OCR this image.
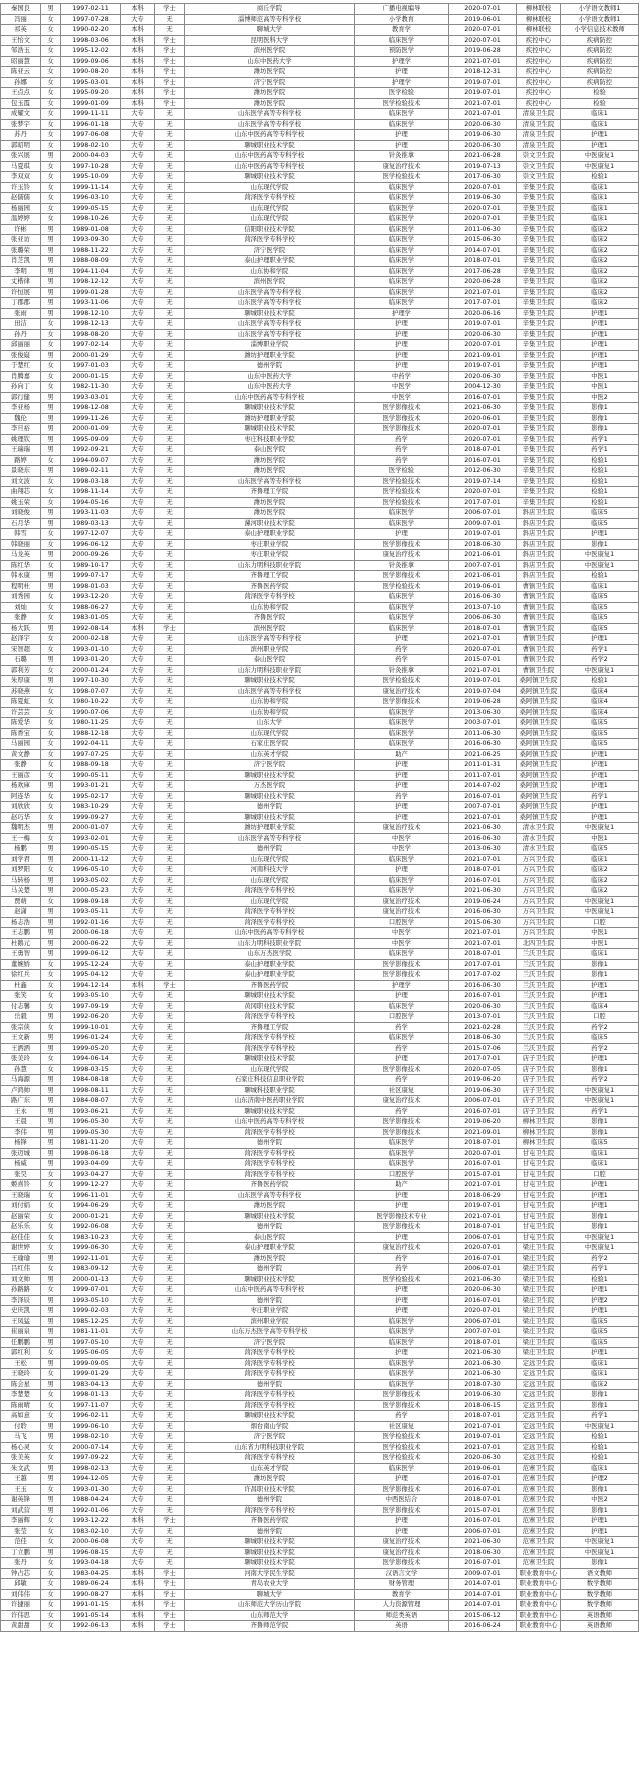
秦国良	男	1997-02-11	本科	学士	商丘学院	广播电视编导	2020-07-01	柳林联校	小学语文教师1
冯丽	女	1997-07-28	大专	无	淄博师范高等专科学校	小学教育	2019-06-01	柳林联校	小学语文教师1
祁英	女	1990-02-20	本科	无	聊城大学	教育学	2020-07-01	柳林联校	小学信息技术教师
王怡文	女	1998-03-06	本科	学士	昆明医科大学	临床医学	2020-07-01	疾控中心	疾病防控
邹浩玉	女	1995-12-02	本科	学士	滨州医学院	预防医学	2019-06-28	疾控中心	疾病防控
昭丽慧	女	1999-09-06	本科	学士	山东中医药大学	护理学	2021-07-01	疾控中心	疾病防控
陈亚云	女	1990-08-20	本科	学士	潍坊医学院	护理	2018-12-31	疾控中心	疾病防控
孙娜	女	1995-03-01	本科	学士	济宁医学院	护理学	2019-07-01	疾控中心	疾病防控
王点点	女	1995-09-20	本科	学士	潍坊医学院	医学检验	2019-07-01	疾控中心	检验
包玉霞	女	1999-01-09	本科	学士	潍坊医学院	医学检验技术	2021-07-01	疾控中心	检验
成耀文	女	1999-11-11	大专	无	山东医学高等专科学校	临床医学	2021-07-01	清泉卫生院	临床1
张梦宇	女	1996-01-18	大专	无	山东医学高等专科学校	临床医学	2020-06-30	清泉卫生院	临床1
苏丹	女	1997-06-08	大专	无	山东中医药高等专科学校	护理	2019-06-30	清泉卫生院	护理1
郭昭明	女	1998-02-10	大专	无	聊城职业技术学院	护理	2020-06-30	清泉卫生院	护理1
张兴展	男	2000-04-03	大专	无	山东中医药高等专科学校	针灸推拿	2021-06-28	崇文卫生院	中医康复1
马夏琪	女	1997-10-28	大专	无	山东中医药高等专科学校	康复治疗技术	2019-07-13	崇文卫生院	中医康复1
李双双	女	1995-10-09	大专	无	聊城职业技术学院	医学检验技术	2017-06-30	崇文卫生院	检验1
许玉铃	女	1999-11-14	大专	无	山东现代学院	临床医学	2020-07-01	辛集卫生院	临床1
赵儒儒	女	1996-03-10	大专	无	菏泽医学专科学校	临床医学	2019-06-30	辛集卫生院	临床1
杨丽园	女	1999-05-15	大专	无	山东现代学院	临床医学	2020-07-01	辛集卫生院	临床1
温婷婷	女	1998-10-26	大专	无	山东现代学院	临床医学	2020-07-01	辛集卫生院	临床1
许彬	男	1989-01-08	大专	无	信阳职业技术学院	临床医学	2011-06-30	辛集卫生院	临床2
张亚访	男	1993-09-30	大专	无	菏泽医学专科学校	临床医学	2015-06-30	辛集卫生院	临床2
张璐荣	男	1988-11-22	大专	无	济宁医学院	临床医学	2014-07-01	辛集卫生院	临床2
肖芝凯	男	1988-08-09	大专	无	泰山护理职业学院	临床医学	2018-07-01	辛集卫生院	临床2
李明	男	1994-11-04	大专	无	山东协和学院	临床医学	2017-06-28	辛集卫生院	临床2
丈楷律	男	1998-12-12	大专	无	滨州医学院	临床医学	2020-06-28	辛集卫生院	临床2
许恒展	男	1999-01-28	大专	无	山东医学高等专科学校	临床医学	2021-07-01	辛集卫生院	临床2
丁郡郡	男	1993-11-06	大专	无	山东医学高等专科学校	临床医学	2017-07-01	辛集卫生院	临床2
张雨	男	1998-12-10	大专	无	聊城职业技术学院	护理学	2020-06-16	辛集卫生院	护理1
田洁	女	1998-12-13	大专	无	山东医学高等专科学校	护理	2019-07-01	辛集卫生院	护理1
孙丹	女	1998-08-20	大专	无	山东医学高等专科学校	护理	2020-06-30	辛集卫生院	护理1
邱丽丽	女	1997-02-14	大专	无	淄博职业学院	护理	2020-07-01	辛集卫生院	护理1
张俊嶷	男	2000-01-29	大专	无	潍坊护理职业学院	护理	2021-09-01	辛集卫生院	护理1
于楚红	女	1997-01-03	大专	无	德州学院	护理	2019-07-01	辛集卫生院	护理1
肖腾嘉	女	2000-01-15	大专	无	山东中医药大学	中药学	2020-06-30	辛集卫生院	中医1
孙向丁	女	1982-11-30	大专	无	山东中医药大学	中医学	2004-12-30	辛集卫生院	中医1
郭行健	男	1993-03-01	大专	无	山东中医药高等专科学校	中医学	2016-07-01	辛集卫生院	中医2
李亚杨	男	1998-12-08	大专	无	聊城职业技术学院	医学影像技术	2021-06-30	辛集卫生院	影像1
魏伦	男	1999-11-26	大专	无	潍坊护理职业学院	医学影像技术	2020-06-01	辛集卫生院	影像1
李旦裕	男	2000-01-09	大专	无	聊城职业技术学院	医学影像技术	2020-07-01	辛集卫生院	影像1
姚理钦	男	1995-09-09	大专	无	枣庄科技职业学院	药学	2020-07-01	辛集卫生院	药学1
王瑞瑞	男	1992-09-21	大专	无	泰山医学院	药学	2018-07-01	辛集卫生院	药学1
路婷	女	1994-09-07	大专	无	潍坊医学院	药学	2016-07-01	辛集卫生院	检验1
景晓东	男	1989-02-11	大专	无	潍坊医学院	医学检验	2012-06-30	辛集卫生院	检验1
刘文波	女	1998-03-18	大专	无	山东医学高等专科学校	医学检验技术	2019-07-14	辛集卫生院	检验1
曲翔芯	女	1998-11-14	大专	无	齐鲁理工学院	医学检验技术	2020-07-01	辛集卫生院	检验1
姚玉荣	女	1994-05-16	大专	无	潍坊医学院	医学检验技术	2017-07-01	辛集卫生院	检验1
刘晓俊	男	1993-11-03	大专	无	潍坊医学院	临床医学	2006-07-01	斜店卫生院	临床5
石月华	男	1989-03-13	大专	无	漯河职业技术学院	临床医学	2009-07-01	斜店卫生院	临床5
韩雪	女	1997-12-07	大专	无	泰山护理职业学院	护理	2019-07-01	斜店卫生院	护理1
韩晓丽	女	1996-06-12	大专	无	枣庄职业学院	医学影像技术	2018-06-30	斜店卫生院	影像1
马龙英	男	2000-09-26	大专	无	枣庄职业学院	康复治疗技术	2021-06-01	斜店卫生院	中医康复1
陈红华	女	1989-10-17	大专	无	山东力明科技职业学院	针灸推拿	2007-07-01	斜店卫生院	中医康复1
韩永康	男	1999-07-17	大专	无	齐鲁理工学院	医学影像技术	2021-06-01	斜店卫生院	检验1
程明杜	男	1998-01-03	大专	无	齐鲁医药学院	医学检验技术	2019-06-01	曹镇卫生院	临床1
刘秀园	女	1993-12-20	大专	无	菏泽医学专科学校	临床医学	2016-06-30	曹镇卫生院	临床5
刘灿	女	1988-06-27	大专	无	山东协和学院	临床医学	2013-07-10	曹镇卫生院	临床5
张静	女	1983-01-05	大专	无	齐鲁医学院	临床医学	2006-06-30	曹镇卫生院	临床5
杨大跃	男	1992-08-14	本科	学士	滨州医学院	临床医学	2018-07-01	曹镇卫生院	临床5
赵泽宇	女	2000-02-18	大专	无	山东医学高等专科学校	护理	2021-07-01	曹镇卫生院	护理1
宋智超	女	1993-01-10	大专	无	滨州职业学院	药学	2020-07-01	曹镇卫生院	药学1
石璐	男	1993-01-20	大专	无	泰山医学院	药学	2015-07-01	曹镇卫生院	药学2
郭利芳	女	2000-01-24	大专	无	山东力明科技职业学院	针灸推拿	2021-07-01	曹镇卫生院	中医康复1
朱厚康	男	1997-10-30	大专	无	聊城职业技术学院	医学检验技术	2019-07-01	桑阿镇卫生院	检验1
苏晓燕	女	1998-07-07	大专	无	山东医学高等专科学校	康复治疗技术	2019-07-04	桑阿镇卫生院	临床4
陈夏虹	女	1980-10-22	大专	无	山东协和学院	医学影像技术	2019-06-28	桑阿镇卫生院	临床4
许芸芸	女	1990-07-06	大专	无	山东协和学院	临床医学	2013-06-30	桑阿镇卫生院	临床4
陈爱华	女	1980-11-25	大专	无	山东大学	临床医学	2003-07-01	桑阿镇卫生院	临床5
陈香宝	女	1988-12-18	大专	无	山东现代学院	临床医学	2011-06-30	桑阿镇卫生院	临床5
马丽园	女	1992-04-11	大专	无	石家庄医学院	临床医学	2016-06-30	桑阿镇卫生院	临床5
黄文静	女	1997-07-25	大专	无	山东英才学院	助产	2021-06-25	桑阿镇卫生院	护理1
张静	女	1988-09-18	大专	无	济宁医学院	护理	2011-01-31	桑阿镇卫生院	护理1
王丽彦	女	1990-05-11	大专	无	聊城职业技术学院	护理	2011-07-01	桑阿镇卫生院	护理1
杨欢庫	男	1993-01-21	大专	无	万杰医学院	护理	2014-07-02	桑阿镇卫生院	护理1
阿连华	女	1995-02-17	大专	无	聊城职业技术学院	药学	2016-07-01	桑阿镇卫生院	药学1
刘欣欣	女	1983-10-29	大专	无	德州学院	护理	2007-07-01	桑阿镇卫生院	护理1
赵巧华	女	1999-09-27	大专	无	聊城职业技术学院	护理	2021-07-01	桑阿镇卫生院	护理1
魏明杰	男	2000-01-07	大专	无	潍坊护理职业学院	康复治疗技术	2021-06-30	清水卫生院	中医康复1
王一梅	女	1993-02-01	大专	无	山东医学高等专科学校	中医学	2016-06-30	清水卫生院	中医1
杨鹏	男	1990-05-15	大专	无	德州学院	中医学	2013-06-30	清水卫生院	临床5
刘学君	男	2000-11-12	大专	无	山东现代学院	临床医学	2021-07-01	万兴卫生院	临床1
刘罗阳	女	1996-05-10	大专	无	河南科技大学	护理	2018-07-01	万兴卫生院	临床2
马转杨	男	1993-05-02	大专	无	山东现代学院	临床医学	2016-07-01	万兴卫生院	临床2
马关楚	男	2000-05-23	大专	无	菏泽医学专科学校	临床医学	2021-06-30	万兴卫生院	临床2
贾萌	女	1998-09-18	大专	无	山东现代学院	康复治疗技术	2019-06-24	万兴卫生院	中医康复1
赵潇	男	1993-05-11	大专	无	菏泽医学专科学校	康复治疗技术	2016-06-30	万兴卫生院	中医康复1
杨志浩	男	1992-01-16	大专	无	菏泽医学专科学校	口腔医学	2015-06-30	万兴卫生院	口腔
王志鹏	男	2000-06-18	大专	无	山东中医药高等专科学校	中医学	2021-07-01	万兴卫生院	中医1
杜鹅元	男	2000-06-22	大专	无	山东力明科技职业学院	中医学	2021-07-01	北四卫生院	中医1
王勇智	男	1999-06-12	大专	无	山东万杰医学院	临床医学	2018-07-01	兰沃卫生院	临床1
董婉娇	女	1995-12-24	大专	无	泰山护理职业学院	医学影像技术	2017-07-01	兰沃卫生院	影像1
徐红兵	女	1995-04-12	大专	无	泰山护理职业学院	医学影像技术	2017-07-02	兰沃卫生院	影像1
杜鑫	女	1994-12-14	本科	学士	齐鲁医药学院	护理学	2016-06-30	兰沃卫生院	护理1
张笑	女	1993-05-10	大专	无	聊城职业技术学院	护理	2016-07-01	兰沃卫生院	护理1
付志馨	女	1997-09-19	大专	无	黄冈职业技术学院	临床医学	2020-06-30	兰沃卫生院	临床4
岳毅	男	1992-06-20	大专	无	菏泽医学专科学校	口腔医学	2013-07-01	兰沃卫生院	口腔
张宗侠	女	1999-10-01	大专	无	齐鲁理工学院	药学	2021-02-28	兰沃卫生院	药学2
王文新	男	1996-01-24	大专	无	菏泽医学专科学校	临床医学	2018-06-30	兰沃卫生院	临床5
王洒洒	男	1999-05-20	大专	无	菏泽医学专科学校	药学	2015-07-06	兰沃卫生院	药学2
张美玲	女	1994-06-14	大专	无	聊城职业技术学院	护理	2017-07-01	店子卫生院	护理1
孙慧	女	1998-03-15	大专	无	山东现代学院	医学影像技术	2020-07-05	店子卫生院	影像1
马海源	男	1984-08-18	大专	无	石家庄科技信息职业学院	药学	2019-06-20	店子卫生院	药学2
卢鸿帅	男	1998-08-11	大专	无	聊城科技职业学院	社区康复	2019-06-30	店子卫生院	中医康复1
路广东	男	1984-08-07	大专	无	山东济南中医药职业学院	康复治疗技术	2006-07-01	店子卫生院	中医康复1
王永	男	1993-06-21	大专	无	聊城职业技术学院	药学	2016-07-01	店子卫生院	药学1
王晨	男	1996-05-30	大专	无	山东中医药高等专科学校	医学影像技术	2019-06-20	柳林卫生院	影像1
李伟	男	1999-05-30	大专	无	菏泽医学专科学校	医学影像技术	2021-09-01	柳林卫生院	影像1
杨锋	男	1981-11-20	大专	无	德州学院	临床医学	2018-07-01	柳林卫生院	临床5
张迈城	男	1998-06-18	大专	无	菏泽医学专科学校	临床医学	2020-07-01	甘屯卫生院	临床1
杨威	男	1993-04-09	大专	无	菏泽医学专科学校	临床医学	2016-07-01	甘屯卫生院	临床1
张昊	女	1993-04-27	大专	无	菏泽医学专科学校	口腔医学	2015-07-01	甘屯卫生院	口腔
姬喜铃	女	1999-12-27	大专	无	齐鲁医药学院	助产	2021-07-01	甘屯卫生院	护理1
王晓瑞	女	1996-11-01	大专	无	山东医学高等专科学校	护理	2018-06-29	甘屯卫生院	护理1
刘付娟	女	1994-06-29	大专	无	潍坊医学院	护理	2019-07-01	甘屯卫生院	护理1
赵丽荣	女	2000-01-21	大专	无	聊城职业技术学院	医学影像技术专业	2021-07-01	甘屯卫生院	影像1
赵乐乐	女	1992-06-08	大专	无	德州学院	医学影像技术	2018-07-01	甘屯卫生院	影像1
赵佳佳	女	1983-10-23	大专	无	泰山医学院	护理	2006-07-01	甘屯卫生院	中医康复1
谢世婷	女	1999-06-30	大专	无	泰山护理职业学院	康复治疗技术	2020-07-01	梁庄卫生院	中医康复1
王瑜瑜	男	1992-11-01	大专	无	潍坊医学院	药学	2016-07-01	梁庄卫生院	药学2
吕红伟	女	1983-09-12	大专	无	德州学院	药学	2006-07-01	梁庄卫生院	药学1
刘文帅	男	2000-01-13	大专	无	聊城职业技术学院	医学检验技术	2021-06-30	梁庄卫生院	检验1
孙路路	女	1999-07-01	大专	无	山东中医药高等专科学校	护理	2020-06-30	梁庄卫生院	护理1
李泽辰	男	1993-05-10	大专	无	德州学院	护理	2016-07-01	梁庄卫生院	护理2
史庆凯	男	1999-02-03	大专	无	枣庄职业学院	护理	2020-07-01	梁庄卫生院	护理1
王凤猛	男	1985-12-25	大专	无	滨州职业学院	临床医学	2006-07-01	梁庄卫生院	临床5
崔丽泉	男	1981-11-01	大专	无	山东万杰医学高等专科学校	临床医学	2007-07-01	梁庄卫生院	临床5
任鹏鹏	男	1997-05-10	大专	无	济宁医学院	临床医学	2018-07-01	梁庄卫生院	临床5
郭红利	女	1995-06-05	大专	无	菏泽医学专科学校	护理	2021-06-30	梁庄卫生院	护理1
王松	男	1999-09-05	大专	无	菏泽医学专科学校	临床医学	2021-06-30	定远卫生院	临床1
王晓玲	女	1999-01-29	大专	无	菏泽医学专科学校	临床医学	2021-06-30	定远卫生院	临床1
陈会星	男	1983-04-13	大专	无	德州学院	临床医学	2018-07-30	定远卫生院	临床2
李楚楚	女	1998-01-13	大专	无	菏泽医学专科学校	医学影像技术	2019-06-30	定远卫生院	影像1
陈雨晴	女	1997-11-07	大专	无	菏泽医学专科学校	医学影像技术	2018-06-15	定远卫生院	影像1
高如意	女	1996-02-11	大专	无	聊城职业技术学院	药学	2018-07-01	定远卫生院	药学1
付聆	男	1999-06-10	大专	无	烟台南山学院	社区康复	2021-07-01	定远卫生院	中医康复1
马飞	男	1998-02-10	大专	无	济宁医学院	医学检验技术	2019-07-01	定远卫生院	检验1
杨心灵	女	2000-07-14	大专	无	山东省力明科技职业学院	医学检验技术	2021-07-01	定远卫生院	检验1
张美英	女	1997-09-22	大专	无	菏泽医学专科学校	医学检验技术	2020-06-30	定远卫生院	检验1
朱文武	男	1998-02-13	大专	无	山东英才学院	临床医学	2019-06-01	范寨卫生院	临床1
王越	男	1994-12-05	大专	无	潍坊医学院	护理	2016-07-01	范寨卫生院	护理2
王玉	女	1993-01-30	大专	无	许昌职业技术学院	医学影像技术	2016-07-01	范寨卫生院	影像1
谢英锋	男	1988-04-24	大专	无	德州学院	中西医结合	2018-07-01	范寨卫生院	中医2
刘武营	男	1992-01-06	大专	无	菏泽医学专科学校	医学影像技术	2015-07-01	范寨卫生院	影像1
李丽辉	女	1993-12-22	本科	学士	齐鲁医药学院	护理	2016-07-01	范寨卫生院	护理1
张莹	女	1983-02-10	大专	无	德州学院	护理	2006-07-01	范寨卫生院	护理1
范佳	女	2000-06-08	大专	无	聊城职业技术学院	康复治疗技术	2021-06-30	范寨卫生院	中医康复1
丁立鹏	男	1996-08-15	大专	无	聊城职业技术学院	康复治疗技术	2018-06-30	范寨卫生院	中医康复1
张丹	女	1993-04-18	大专	无	聊城职业技术学院	医学影像技术	2016-07-01	范寨卫生院	影像1
钟占芯	女	1983-04-25	本科	学士	河南大学民生学院	汉语言文学	2009-07-01	职业教育中心	语文教师
邱敏	女	1989-06-24	本科	学士	青岛农业大学	财务管理	2014-07-01	职业教育中心	数学教师
刘伟伟	女	1990-08-27	本科	学士	聊城大学	教育学	2014-07-01	职业教育中心	数学教师
许捷丽	女	1991-01-15	本科	学士	山东师范大学历山学院	人力资源管理	2014-07-01	职业教育中心	数学教师
许伟思	女	1991-05-14	本科	学士	山东师范大学	师范类英语	2015-06-12	职业教育中心	英语教师
黄甜甜	女	1992-06-13	本科	学士	齐鲁师范学院	英语	2016-06-24	职业教育中心	英语教师
